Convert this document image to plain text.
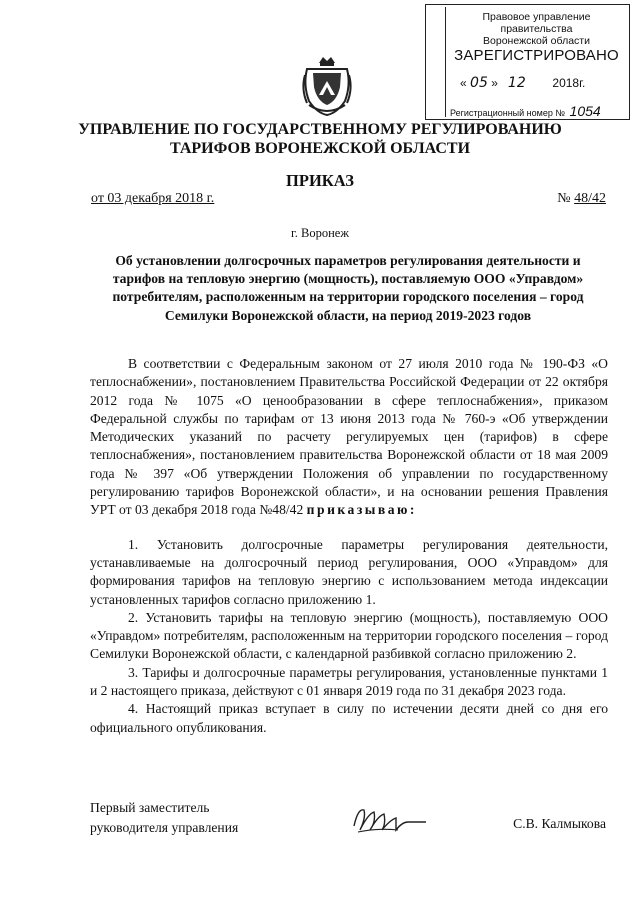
Правовое управление правительства
Воронежской области
ЗАРЕГИСТРИРОВАНО
« 05 » 12 2018г.
Регистрационный номер № 1054
УПРАВЛЕНИЕ ПО ГОСУДАРСТВЕННОМУ РЕГУЛИРОВАНИЮ
ТАРИФОВ ВОРОНЕЖСКОЙ ОБЛАСТИ
ПРИКАЗ
от 03 декабря 2018 г.	№ 48/42
г. Воронеж
Об установлении долгосрочных параметров регулирования деятельности и тарифов на тепловую энергию (мощность), поставляемую ООО «Управдом» потребителям, расположенным на территории городского поселения – город Семилуки Воронежской области, на период 2019-2023 годов

В соответствии с Федеральным законом от 27 июля 2010 года № 190-ФЗ «О теплоснабжении», постановлением Правительства Российской Федерации от 22 октября 2012 года № 1075 «О ценообразовании в сфере теплоснабжения», приказом Федеральной службы по тарифам от 13 июня 2013 года № 760-э «Об утверждении Методических указаний по расчету регулируемых цен (тарифов) в сфере теплоснабжения», постановлением правительства Воронежской области от 18 мая 2009 года № 397 «Об утверждении Положения об управлении по государственному регулированию тарифов Воронежской области», и на основании решения Правления УРТ от 03 декабря 2018 года №48/42 приказываю:

1. Установить долгосрочные параметры регулирования деятельности, устанавливаемые на долгосрочный период регулирования, ООО «Управдом» для формирования тарифов на тепловую энергию с использованием метода индексации установленных тарифов согласно приложению 1.

2. Установить тарифы на тепловую энергию (мощность), поставляемую ООО «Управдом» потребителям, расположенным на территории городского поселения – город Семилуки Воронежской области, с календарной разбивкой согласно приложению 2.

3. Тарифы и долгосрочные параметры регулирования, установленные пунктами 1 и 2 настоящего приказа, действуют с 01 января 2019 года по 31 декабря 2023 года.

4. Настоящий приказ вступает в силу по истечении десяти дней со дня его официального опубликования.

Первый заместитель
руководителя управления	С.В. Калмыкова
